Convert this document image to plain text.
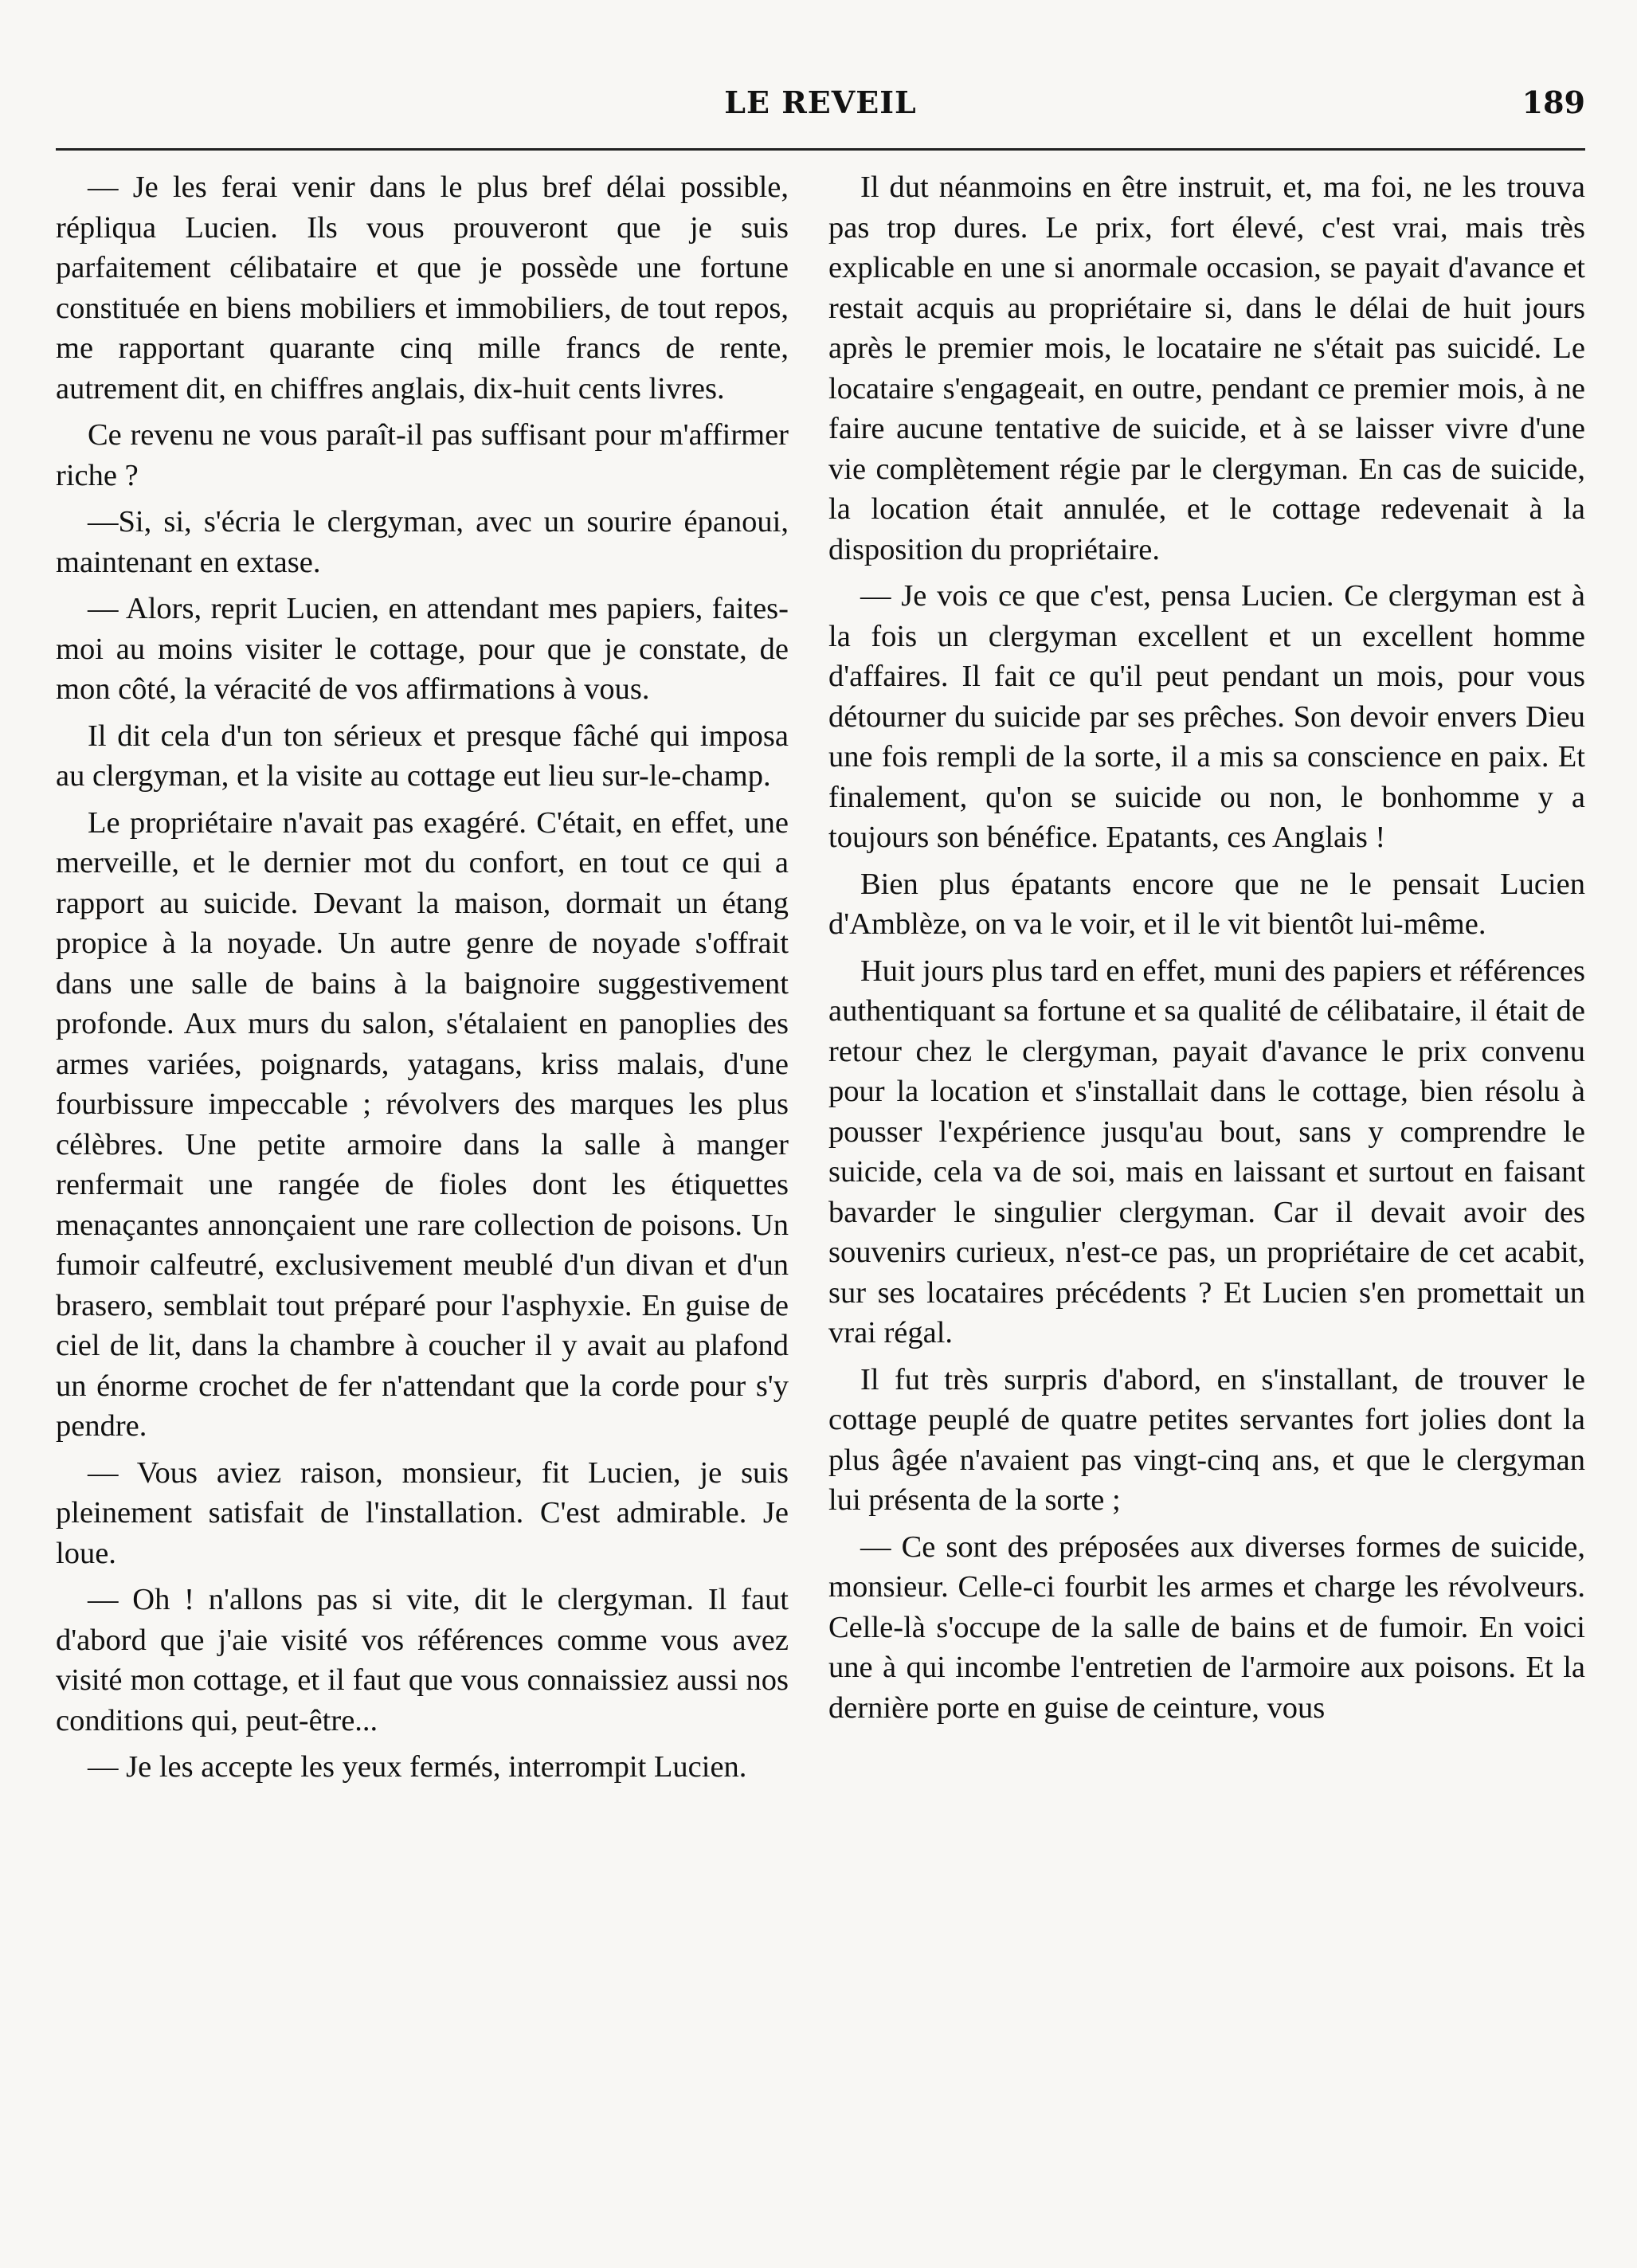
LE REVEIL	189

— Je les ferai venir dans le plus bref délai possible, répliqua Lucien. Ils vous prouveront que je suis parfaitement célibataire et que je possède une fortune constituée en biens mobiliers et immobiliers, de tout repos, me rapportant quarante cinq mille francs de rente, autrement dit, en chiffres anglais, dix-huit cents livres.

Ce revenu ne vous paraît-il pas suffisant pour m'affirmer riche ?

—Si, si, s'écria le clergyman, avec un sourire épanoui, maintenant en extase.

— Alors, reprit Lucien, en attendant mes papiers, faites-moi au moins visiter le cottage, pour que je constate, de mon côté, la véracité de vos affirmations à vous.

Il dit cela d'un ton sérieux et presque fâché qui imposa au clergyman, et la visite au cottage eut lieu sur-le-champ.

Le propriétaire n'avait pas exagéré. C'était, en effet, une merveille, et le dernier mot du confort, en tout ce qui a rapport au suicide. Devant la maison, dormait un étang propice à la noyade. Un autre genre de noyade s'offrait dans une salle de bains à la baignoire suggestivement profonde. Aux murs du salon, s'étalaient en panoplies des armes variées, poignards, yatagans, kriss malais, d'une fourbissure impeccable ; révolvers des marques les plus célèbres. Une petite armoire dans la salle à manger renfermait une rangée de fioles dont les étiquettes menaçantes annonçaient une rare collection de poisons. Un fumoir calfeutré, exclusivement meublé d'un divan et d'un brasero, semblait tout préparé pour l'asphyxie. En guise de ciel de lit, dans la chambre à coucher il y avait au plafond un énorme crochet de fer n'attendant que la corde pour s'y pendre.

— Vous aviez raison, monsieur, fit Lucien, je suis pleinement satisfait de l'installation. C'est admirable. Je loue.

— Oh ! n'allons pas si vite, dit le clergyman. Il faut d'abord que j'aie visité vos références comme vous avez visité mon cottage, et il faut que vous connaissiez aussi nos conditions qui, peut-être...

— Je les accepte les yeux fermés, interrompit Lucien.

Il dut néanmoins en être instruit, et, ma foi, ne les trouva pas trop dures. Le prix, fort élevé, c'est vrai, mais très explicable en une si anormale occasion, se payait d'avance et restait acquis au propriétaire si, dans le délai de huit jours après le premier mois, le locataire ne s'était pas suicidé. Le locataire s'engageait, en outre, pendant ce premier mois, à ne faire aucune tentative de suicide, et à se laisser vivre d'une vie complètement régie par le clergyman. En cas de suicide, la location était annulée, et le cottage redevenait à la disposition du propriétaire.

— Je vois ce que c'est, pensa Lucien. Ce clergyman est à la fois un clergyman excellent et un excellent homme d'affaires. Il fait ce qu'il peut pendant un mois, pour vous détourner du suicide par ses prêches. Son devoir envers Dieu une fois rempli de la sorte, il a mis sa conscience en paix. Et finalement, qu'on se suicide ou non, le bonhomme y a toujours son bénéfice. Epatants, ces Anglais !

Bien plus épatants encore que ne le pensait Lucien d'Amblèze, on va le voir, et il le vit bientôt lui-même.

Huit jours plus tard en effet, muni des papiers et références authentiquant sa fortune et sa qualité de célibataire, il était de retour chez le clergyman, payait d'avance le prix convenu pour la location et s'installait dans le cottage, bien résolu à pousser l'expérience jusqu'au bout, sans y comprendre le suicide, cela va de soi, mais en laissant et surtout en faisant bavarder le singulier clergyman. Car il devait avoir des souvenirs curieux, n'est-ce pas, un propriétaire de cet acabit, sur ses locataires précédents ? Et Lucien s'en promettait un vrai régal.

Il fut très surpris d'abord, en s'installant, de trouver le cottage peuplé de quatre petites servantes fort jolies dont la plus âgée n'avaient pas vingt-cinq ans, et que le clergyman lui présenta de la sorte ;

— Ce sont des préposées aux diverses formes de suicide, monsieur. Celle-ci fourbit les armes et charge les révolveurs. Celle-là s'occupe de la salle de bains et de fumoir. En voici une à qui incombe l'entretien de l'armoire aux poisons. Et la dernière porte en guise de ceinture, vous
